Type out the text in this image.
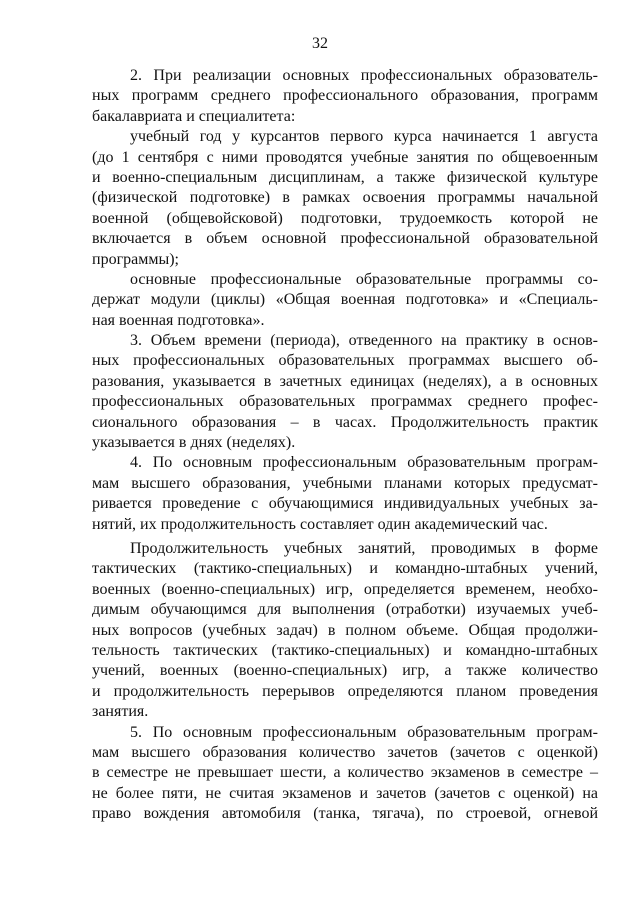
32
2. При реализации основных профессиональных образователь-
ных программ среднего профессионального образования, программ
бакалавриата и специалитета:
учебный год у курсантов первого курса начинается 1 августа
(до 1 сентября с ними проводятся учебные занятия по общевоенным
и военно-специальным дисциплинам, а также физической культуре
(физической подготовке) в рамках освоения программы начальной
военной (общевойсковой) подготовки, трудоемкость которой не
включается в объем основной профессиональной образовательной
программы);
основные профессиональные образовательные программы со-
держат модули (циклы) «Общая военная подготовка» и «Специаль-
ная военная подготовка».
3. Объем времени (периода), отведенного на практику в основ-
ных профессиональных образовательных программах высшего об-
разования, указывается в зачетных единицах (неделях), а в основных
профессиональных образовательных программах среднего профес-
сионального образования – в часах. Продолжительность практик
указывается в днях (неделях).
4. По основным профессиональным образовательным програм-
мам высшего образования, учебными планами которых предусмат-
ривается проведение с обучающимися индивидуальных учебных за-
нятий, их продолжительность составляет один академический час.
Продолжительность учебных занятий, проводимых в форме
тактических (тактико-специальных) и командно-штабных учений,
военных (военно-специальных) игр, определяется временем, необхо-
димым обучающимся для выполнения (отработки) изучаемых учеб-
ных вопросов (учебных задач) в полном объеме. Общая продолжи-
тельность тактических (тактико-специальных) и командно-штабных
учений, военных (военно-специальных) игр, а также количество
и продолжительность перерывов определяются планом проведения
занятия.
5. По основным профессиональным образовательным програм-
мам высшего образования количество зачетов (зачетов с оценкой)
в семестре не превышает шести, а количество экзаменов в семестре –
не более пяти, не считая экзаменов и зачетов (зачетов с оценкой) на
право вождения автомобиля (танка, тягача), по строевой, огневой
